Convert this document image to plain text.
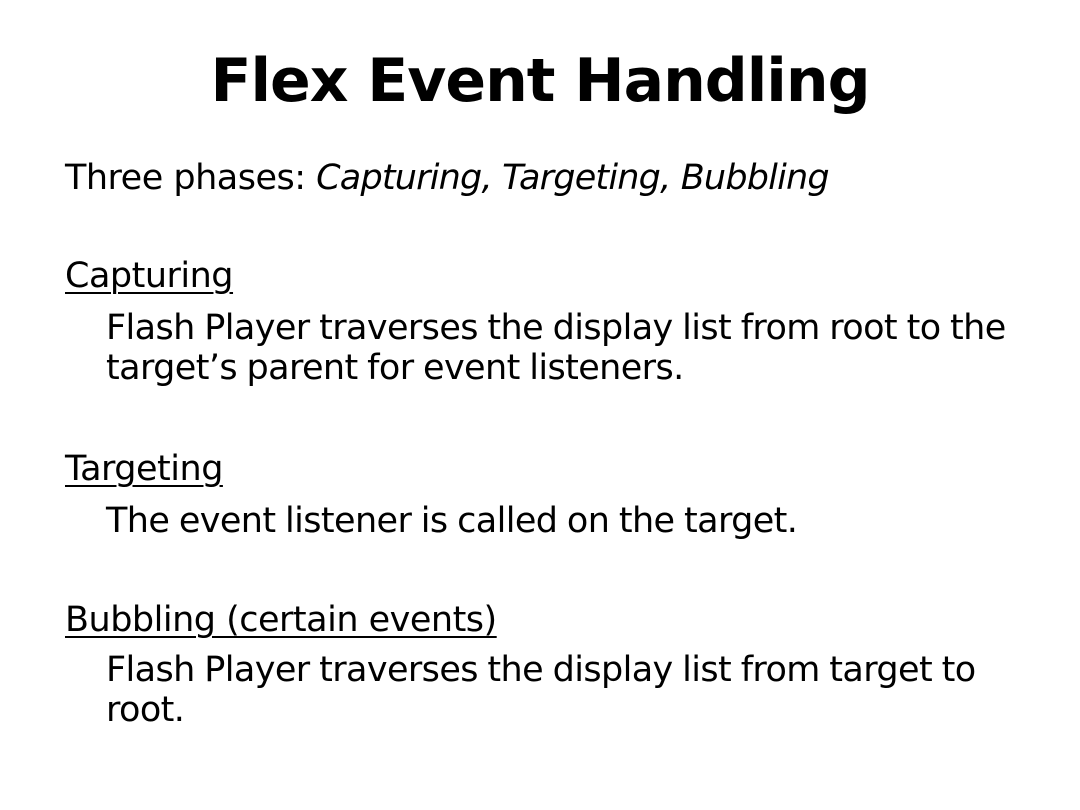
Flex Event Handling
Three phases: Capturing, Targeting, Bubbling
Capturing
Flash Player traverses the display list from root to the target’s parent for event listeners.
Targeting
The event listener is called on the target.
Bubbling (certain events)
Flash Player traverses the display list from target to root.
